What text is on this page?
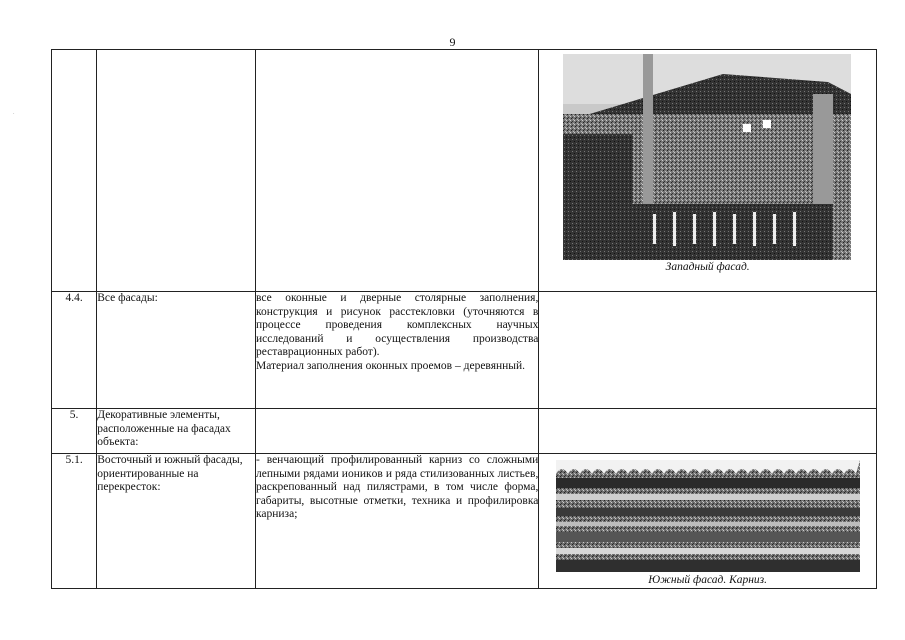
9

			Западный фасад.

4.4.	Все фасады:	все оконные и дверные столярные заполнения, конструкция и рисунок расстекловки (уточняются в процессе проведения комплексных научных исследований и осуществления производства реставрационных работ).

Материал заполнения оконных проемов – деревянный.	

5.	Декоративные элементы, расположенные на фасадах объекта:		
5.1.	Восточный и южный фасады, ориентированные на перекресток:	- венчающий профилированный карниз со сложными лепными рядами ионикoв и ряда стилизованных листьев, раскрепованный над пилястрами, в том числе форма, габариты, высотные отметки, техника и профилировка карниза;	Южный фасад. Карниз.
.
